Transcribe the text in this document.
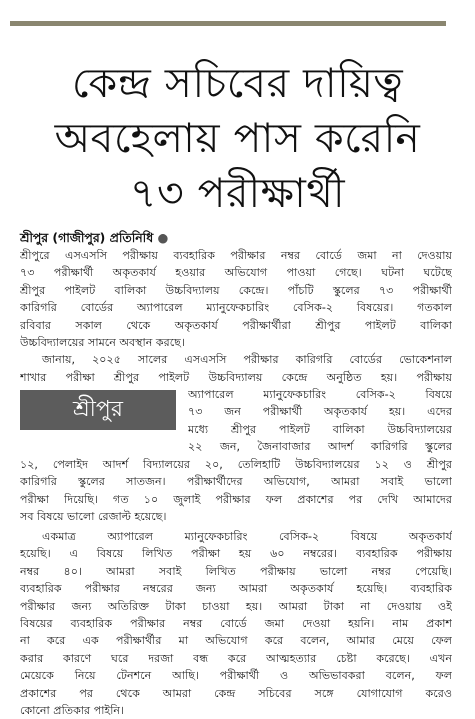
কেন্দ্র সচিবের দায়িত্ব
অবহেলায় পাস করেনি
৭৩ পরীক্ষার্থী
শ্রীপুর (গাজীপুর) প্রতিনিধি ●
শ্রীপুরে এসএসসি পরীক্ষায় ব্যবহারিক পরীক্ষার নম্বর বোর্ডে জমা না দেওয়ায়
৭৩ পরীক্ষার্থী অকৃতকার্য হওয়ার অভিযোগ পাওয়া গেছে। ঘটনা ঘটেছে
শ্রীপুর পাইলট বালিকা উচ্চবিদ্যালয় কেন্দ্রে। পাঁচটি স্কুলের ৭৩ পরীক্ষার্থী
কারিগরি বোর্ডের অ্যাপারেল ম্যানুফেকচারিং বেসিক-২ বিষয়ের। গতকাল
রবিবার সকাল থেকে অকৃতকার্য পরীক্ষার্থীরা শ্রীপুর পাইলট বালিকা
উচ্চবিদ্যালয়ের সামনে অবস্থান করছে।
জানায়, ২০২৫ সালের এসএসসি পরীক্ষার কারিগরি বোর্ডের ভোকেশনাল
শাখার পরীক্ষা শ্রীপুর পাইলট উচ্চবিদ্যালয় কেন্দ্রে অনুষ্ঠিত হয়। পরীক্ষায়
শ্রীপুর
অ্যাপারেল ম্যানুফেকচারিং বেসিক-২ বিষয়ে
৭৩ জন পরীক্ষার্থী অকৃতকার্য হয়। এদের
মধ্যে শ্রীপুর পাইলট বালিকা উচ্চবিদ্যালয়ের
২২ জন, জৈনাবাজার আদর্শ কারিগরি স্কুলের
১২, পেলাইদ আদর্শ বিদ্যালয়ের ২০, তেলিহাটি উচ্চবিদ্যালয়ের ১২ ও শ্রীপুর
কারিগরি স্কুলের সাতজন। পরীক্ষার্থীদের অভিযোগ, আমরা সবাই ভালো
পরীক্ষা দিয়েছি। গত ১০ জুলাই পরীক্ষার ফল প্রকাশের পর দেখি আমাদের
সব বিষয়ে ভালো রেজাল্ট হয়েছে।
একমাত্র অ্যাপারেল ম্যানুফেকচারিং বেসিক-২ বিষয়ে অকৃতকার্য
হয়েছি। এ বিষয়ে লিখিত পরীক্ষা হয় ৬০ নম্বরের। ব্যবহারিক পরীক্ষায়
নম্বর ৪০। আমরা সবাই লিখিত পরীক্ষায় ভালো নম্বর পেয়েছি।
ব্যবহারিক পরীক্ষার নম্বরের জন্য আমরা অকৃতকার্য হয়েছি। ব্যবহারিক
পরীক্ষার জন্য অতিরিক্ত টাকা চাওয়া হয়। আমরা টাকা না দেওয়ায় ওই
বিষয়ের ব্যবহারিক পরীক্ষার নম্বর বোর্ডে জমা দেওয়া হয়নি। নাম প্রকাশ
না করে এক পরীক্ষার্থীর মা অভিযোগ করে বলেন, আমার মেয়ে ফেল
করার কারণে ঘরে দরজা বন্ধ করে আত্মহত্যার চেষ্টা করেছে। এখন
মেয়েকে নিয়ে টেনশনে আছি। পরীক্ষার্থী ও অভিভাবকরা বলেন, ফল
প্রকাশের পর থেকে আমরা কেন্দ্র সচিবের সঙ্গে যোগাযোগ করেও
কোনো প্রতিকার পাইনি।
